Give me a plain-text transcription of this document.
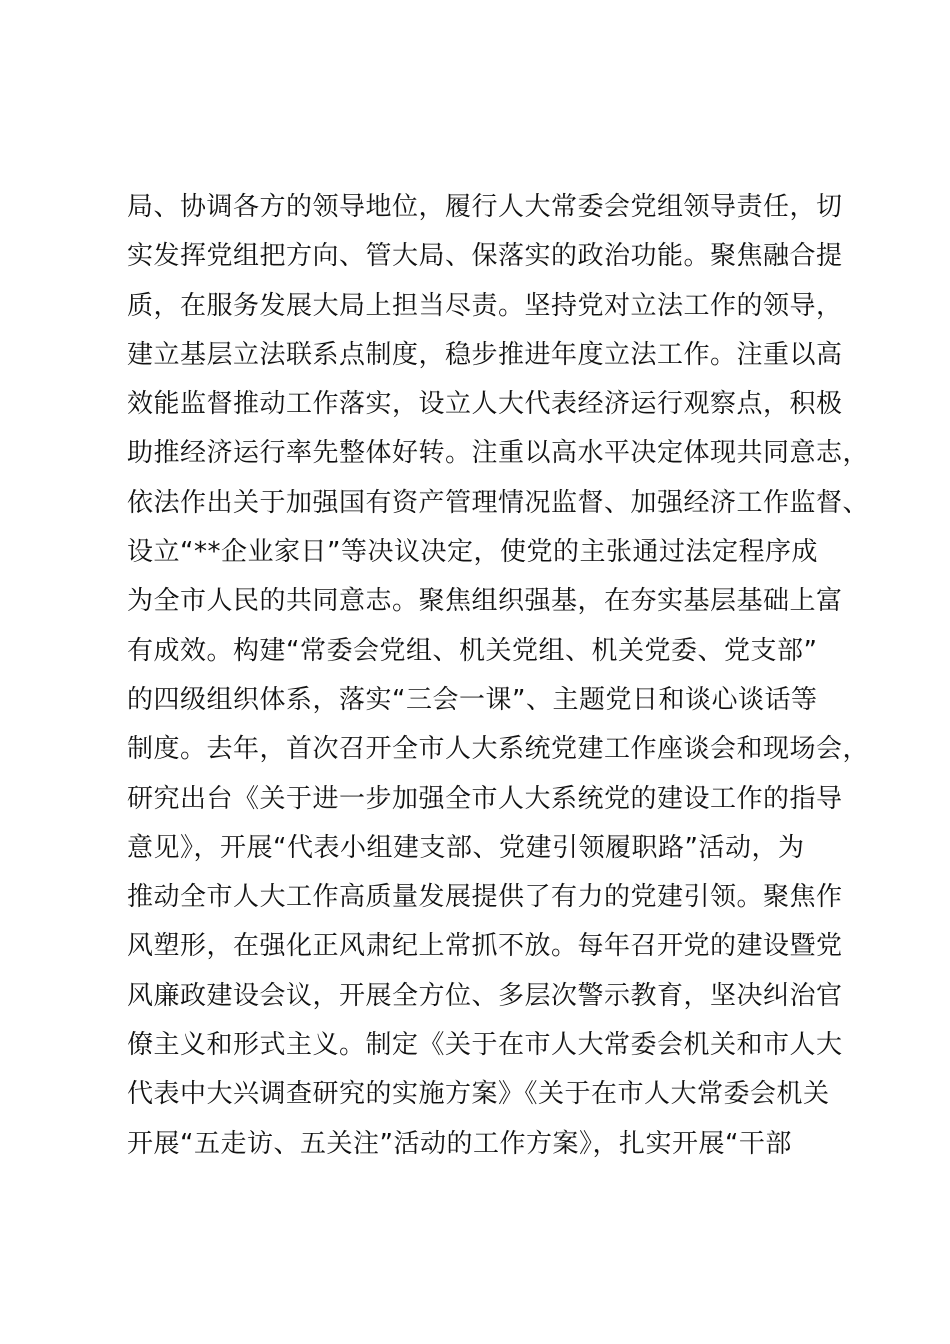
局、协调各方的领导地位，履行人大常委会党组领导责任，切
实发挥党组把方向、管大局、保落实的政治功能。聚焦融合提
质，在服务发展大局上担当尽责。坚持党对立法工作的领导，
建立基层立法联系点制度，稳步推进年度立法工作。注重以高
效能监督推动工作落实，设立人大代表经济运行观察点，积极
助推经济运行率先整体好转。注重以高水平决定体现共同意志，
依法作出关于加强国有资产管理情况监督、加强经济工作监督、
设立“**企业家日”等决议决定，使党的主张通过法定程序成
为全市人民的共同意志。聚焦组织强基，在夯实基层基础上富
有成效。构建“常委会党组、机关党组、机关党委、党支部”
的四级组织体系，落实“三会一课”、主题党日和谈心谈话等
制度。去年，首次召开全市人大系统党建工作座谈会和现场会，
研究出台《关于进一步加强全市人大系统党的建设工作的指导
意见》，开展“代表小组建支部、党建引领履职路”活动，为
推动全市人大工作高质量发展提供了有力的党建引领。聚焦作
风塑形，在强化正风肃纪上常抓不放。每年召开党的建设暨党
风廉政建设会议，开展全方位、多层次警示教育，坚决纠治官
僚主义和形式主义。制定《关于在市人大常委会机关和市人大
代表中大兴调查研究的实施方案》《关于在市人大常委会机关
开展“五走访、五关注”活动的工作方案》，扎实开展“干部
